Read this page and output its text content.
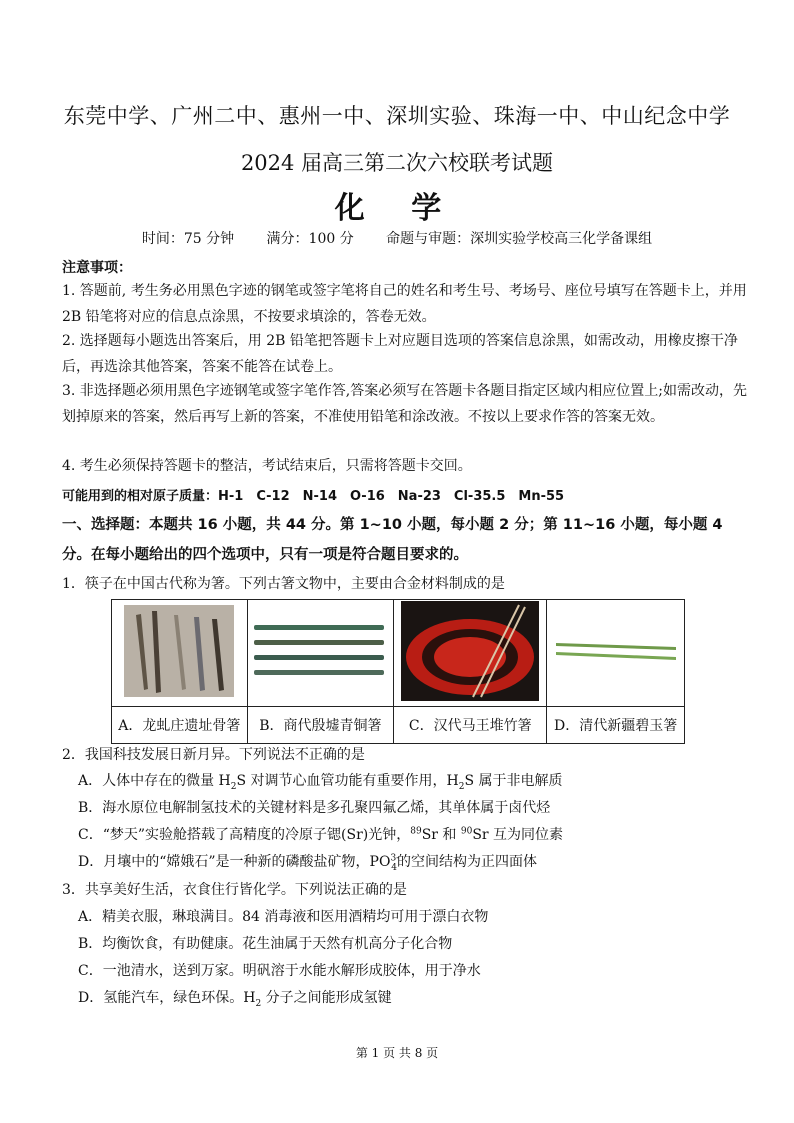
东莞中学、广州二中、惠州一中、深圳实验、珠海一中、中山纪念中学
2024 届高三第二次六校联考试题
化 学
时间：75 分钟 满分：100 分 命题与审题：深圳实验学校高三化学备课组
注意事项：
1. 答题前, 考生务必用黑色字迹的钢笔或签字笔将自己的姓名和考生号、考场号、座位号填写在答题卡上，并用 2B 铅笔将对应的信息点涂黑，不按要求填涂的，答卷无效。
2. 选择题每小题选出答案后，用 2B 铅笔把答题卡上对应题目选项的答案信息涂黑，如需改动，用橡皮擦干净后，再选涂其他答案，答案不能答在试卷上。
3. 非选择题必须用黑色字迹钢笔或签字笔作答,答案必须写在答题卡各题目指定区域内相应位置上;如需改动，先划掉原来的答案，然后再写上新的答案，不准使用铅笔和涂改液。不按以上要求作答的答案无效。
4. 考生必须保持答题卡的整洁，考试结束后，只需将答题卡交回。
可能用到的相对原子质量：H-1　C-12　N-14　O-16　Na-23　Cl-35.5　Mn-55
一、选择题：本题共 16 小题，共 44 分。第 1~10 小题，每小题 2 分；第 11~16 小题，每小题 4
分。在每小题给出的四个选项中，只有一项是符合题目要求的。
1．筷子在中国古代称为箸。下列古箸文物中，主要由合金材料制成的是

A．龙虬庄遗址骨箸	B．商代殷墟青铜箸	C．汉代马王堆竹箸	D．清代新疆碧玉箸
2．我国科技发展日新月异。下列说法不正确的是
A．人体中存在的微量 $H_2S$ 对调节心血管功能有重要作用，$H_2S$ 属于非电解质
B．海水原位电解制氢技术的关键材料是多孔聚四氟乙烯，其单体属于卤代烃
C．“梦天”实验舱搭载了高精度的冷原子锶(Sr)光钟，$^{89}$Sr 和 $^{90}$Sr 互为同位素
D．月壤中的“嫦娥石”是一种新的磷酸盐矿物，$PO^{3-}_4$的空间结构为正四面体
3．共享美好生活，衣食住行皆化学。下列说法正确的是
A．精美衣服，琳琅满目。84 消毒液和医用酒精均可用于漂白衣物
B．均衡饮食，有助健康。花生油属于天然有机高分子化合物
C．一池清水，送到万家。明矾溶于水能水解形成胶体，用于净水
D．氢能汽车，绿色环保。$H_2$ 分子之间能形成氢键
第 1 页 共 8 页
